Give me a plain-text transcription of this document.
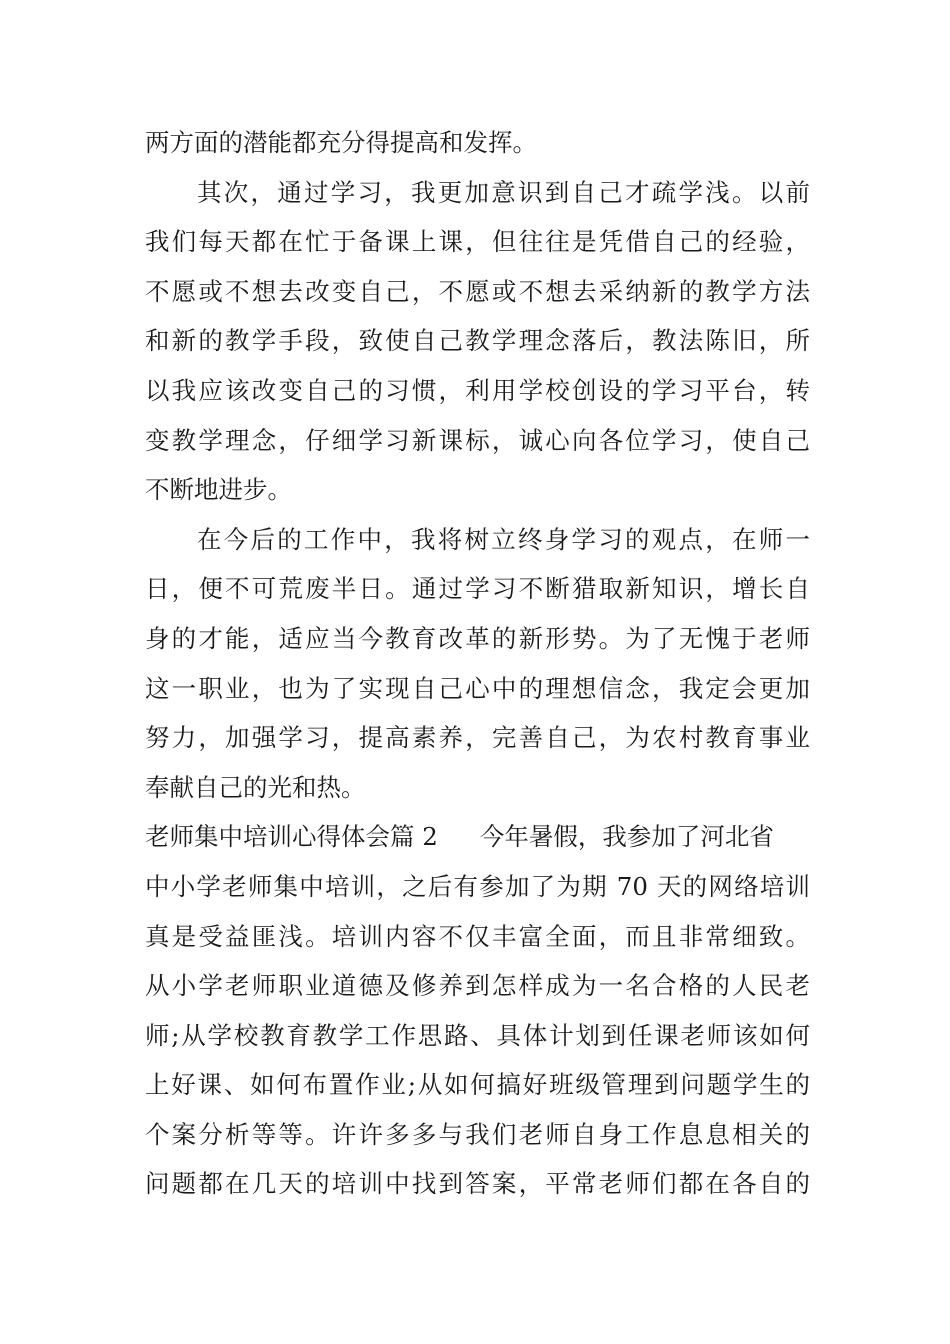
两方面的潜能都充分得提高和发挥。
其次，通过学习，我更加意识到自己才疏学浅。以前
我们每天都在忙于备课上课，但往往是凭借自己的经验，
不愿或不想去改变自己，不愿或不想去采纳新的教学方法
和新的教学手段，致使自己教学理念落后，教法陈旧，所
以我应该改变自己的习惯，利用学校创设的学习平台，转
变教学理念，仔细学习新课标，诚心向各位学习，使自己
不断地进步。
在今后的工作中，我将树立终身学习的观点，在师一
日，便不可荒废半日。通过学习不断猎取新知识，增长自
身的才能，适应当今教育改革的新形势。为了无愧于老师
这一职业，也为了实现自己心中的理想信念，我定会更加
努力，加强学习，提高素养，完善自己，为农村教育事业
奉献自己的光和热。
老师集中培训心得体会篇 2 今年暑假，我参加了河北省
中小学老师集中培训，之后有参加了为期 70 天的网络培训
真是受益匪浅。培训内容不仅丰富全面，而且非常细致。
从小学老师职业道德及修养到怎样成为一名合格的人民老
师;从学校教育教学工作思路、具体计划到任课老师该如何
上好课、如何布置作业;从如何搞好班级管理到问题学生的
个案分析等等。许许多多与我们老师自身工作息息相关的
问题都在几天的培训中找到答案，平常老师们都在各自的
